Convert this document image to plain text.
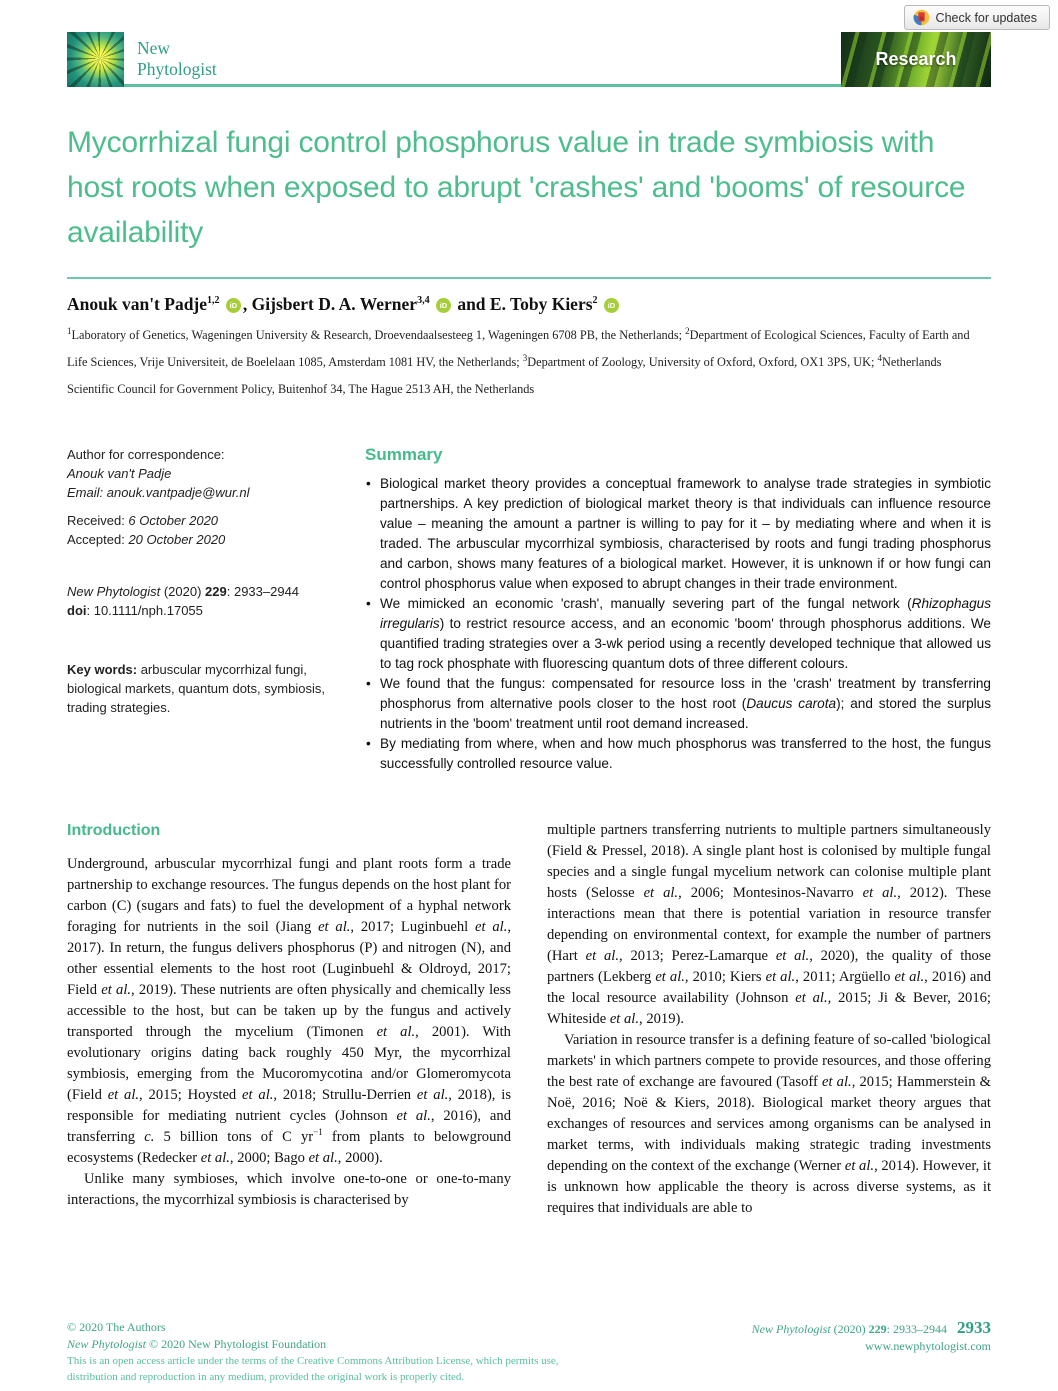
Check for updates
New
Phytologist	Research
Mycorrhizal fungi control phosphorus value in trade symbiosis with host roots when exposed to abrupt 'crashes' and 'booms' of resource availability
Anouk van't Padje$^{1,2}$ iD , Gijsbert D. A. Werner$^{3,4}$ iD and E. Toby Kiers$^2$ iD
$^1$Laboratory of Genetics, Wageningen University & Research, Droevendaalsesteeg 1, Wageningen 6708 PB, the Netherlands; $^2$Department of Ecological Sciences, Faculty of Earth and Life Sciences, Vrije Universiteit, de Boelelaan 1085, Amsterdam 1081 HV, the Netherlands; $^3$Department of Zoology, University of Oxford, Oxford, OX1 3PS, UK; $^4$Netherlands Scientific Council for Government Policy, Buitenhof 34, The Hague 2513 AH, the Netherlands
Author for correspondence:
Anouk van't Padje
Email: anouk.vantpadje@wur.nl
Received: 6 October 2020
Accepted: 20 October 2020
New Phytologist (2020) 229: 2933–2944
doi: 10.1111/nph.17055
Key words: arbuscular mycorrhizal fungi, biological markets, quantum dots, symbiosis, trading strategies.
Summary
• Biological market theory provides a conceptual framework to analyse trade strategies in symbiotic partnerships. A key prediction of biological market theory is that individuals can influence resource value – meaning the amount a partner is willing to pay for it – by mediating where and when it is traded. The arbuscular mycorrhizal symbiosis, characterised by roots and fungi trading phosphorus and carbon, shows many features of a biological market. However, it is unknown if or how fungi can control phosphorus value when exposed to abrupt changes in their trade environment.
• We mimicked an economic 'crash', manually severing part of the fungal network (Rhizophagus irregularis) to restrict resource access, and an economic 'boom' through phosphorus additions. We quantified trading strategies over a 3-wk period using a recently developed technique that allowed us to tag rock phosphate with fluorescing quantum dots of three different colours.
• We found that the fungus: compensated for resource loss in the 'crash' treatment by transferring phosphorus from alternative pools closer to the host root (Daucus carota); and stored the surplus nutrients in the 'boom' treatment until root demand increased.
• By mediating from where, when and how much phosphorus was transferred to the host, the fungus successfully controlled resource value.
Introduction

Underground, arbuscular mycorrhizal fungi and plant roots form a trade partnership to exchange resources. The fungus depends on the host plant for carbon (C) (sugars and fats) to fuel the development of a hyphal network foraging for nutrients in the soil (Jiang et al., 2017; Luginbuehl et al., 2017). In return, the fungus delivers phosphorus (P) and nitrogen (N), and other essential elements to the host root (Luginbuehl & Oldroyd, 2017; Field et al., 2019). These nutrients are often physically and chemically less accessible to the host, but can be taken up by the fungus and actively transported through the mycelium (Timonen et al., 2001). With evolutionary origins dating back roughly 450 Myr, the mycorrhizal symbiosis, emerging from the Mucoromycotina and/or Glomeromycota (Field et al., 2015; Hoysted et al., 2018; Strullu-Derrien et al., 2018), is responsible for mediating nutrient cycles (Johnson et al., 2016), and transferring c. 5 billion tons of C $yr^{-1}$ from plants to belowground ecosystems (Redecker et al., 2000; Bago et al., 2000).

Unlike many symbioses, which involve one-to-one or one-to-many interactions, the mycorrhizal symbiosis is characterised by

multiple partners transferring nutrients to multiple partners simultaneously (Field & Pressel, 2018). A single plant host is colonised by multiple fungal species and a single fungal mycelium network can colonise multiple plant hosts (Selosse et al., 2006; Montesinos-Navarro et al., 2012). These interactions mean that there is potential variation in resource transfer depending on environmental context, for example the number of partners (Hart et al., 2013; Perez-Lamarque et al., 2020), the quality of those partners (Lekberg et al., 2010; Kiers et al., 2011; Argüello et al., 2016) and the local resource availability (Johnson et al., 2015; Ji & Bever, 2016; Whiteside et al., 2019).

Variation in resource transfer is a defining feature of so-called 'biological markets' in which partners compete to provide resources, and those offering the best rate of exchange are favoured (Tasoff et al., 2015; Hammerstein & Noë, 2016; Noë & Kiers, 2018). Biological market theory argues that exchanges of resources and services among organisms can be analysed in market terms, with individuals making strategic trading investments depending on the context of the exchange (Werner et al., 2014). However, it is unknown how applicable the theory is across diverse systems, as it requires that individuals are able to

© 2020 The Authors
New Phytologist © 2020 New Phytologist Foundation
This is an open access article under the terms of the Creative Commons Attribution License, which permits use,
distribution and reproduction in any medium, provided the original work is properly cited.
New Phytologist (2020) 229: 2933–2944 2933
www.newphytologist.com
